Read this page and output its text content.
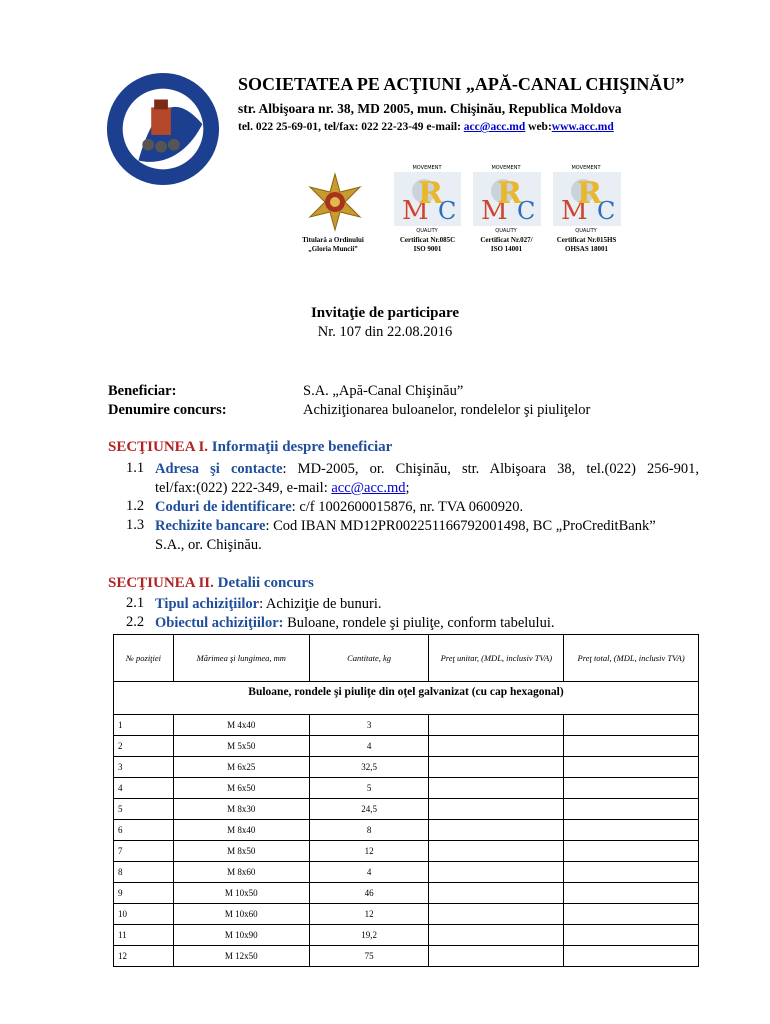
SOCIETATEA PE ACŢIUNI „APĂ-CANAL CHIŞINĂU”
str. Albişoara nr. 38, MD 2005, mun. Chişinău, Republica Moldova
tel. 022 25-69-01, tel/fax: 022 22-23-49 e-mail: acc@acc.md web:www.acc.md
Titulară a Ordinului
„Gloria Muncii”
MOVEMENT
QUALITY
M
R
C
Certificat Nr.085C
ISO 9001
MOVEMENT
QUALITY
M
R
C
Certificat Nr.027/
ISO 14001
MOVEMENT
QUALITY
M
R
C
Certificat Nr.015HS
OHSAS 18001
Invitaţie de participare
Nr. 107 din 22.08.2016
Beneficiar:	S.A. „Apă-Canal Chişinău”
Denumire concurs:	Achiziţionarea buloanelor, rondelelor şi piuliţelor
SECŢIUNEA I. Informaţii despre beneficiar
1.1 Adresa şi contacte: MD-2005, or. Chişinău, str. Albişoara 38, tel.(022) 256-901,
tel/fax:(022) 222-349, e-mail: acc@acc.md;
1.2 Coduri de identificare: c/f 1002600015876, nr. TVA 0600920.
1.3 Rechizite bancare: Cod IBAN MD12PR002251166792001498, BC „ProCreditBank”
S.A., or. Chişinău.
SECŢIUNEA II. Detalii concurs
2.1 Tipul achiziţiilor: Achiziţie de bunuri.
2.2 Obiectul achiziţiilor: Buloane, rondele şi piuliţe, conform tabelului.
№ poziţiei	Mărimea şi lungimea, mm	Cantitate, kg	Preţ unitar, (MDL, inclusiv TVA)	Preţ total, (MDL, inclusiv TVA)
Buloane, rondele şi piuliţe din oţel galvanizat (cu cap hexagonal)				
1	M 4x40	3		
2	M 5x50	4		
3	M 6x25	32,5		
4	M 6x50	5		
5	M 8x30	24,5		
6	M 8x40	8		
7	M 8x50	12		
8	M 8x60	4		
9	M 10x50	46		
10	M 10x60	12		
11	M 10x90	19,2		
12	M 12x50	75		
